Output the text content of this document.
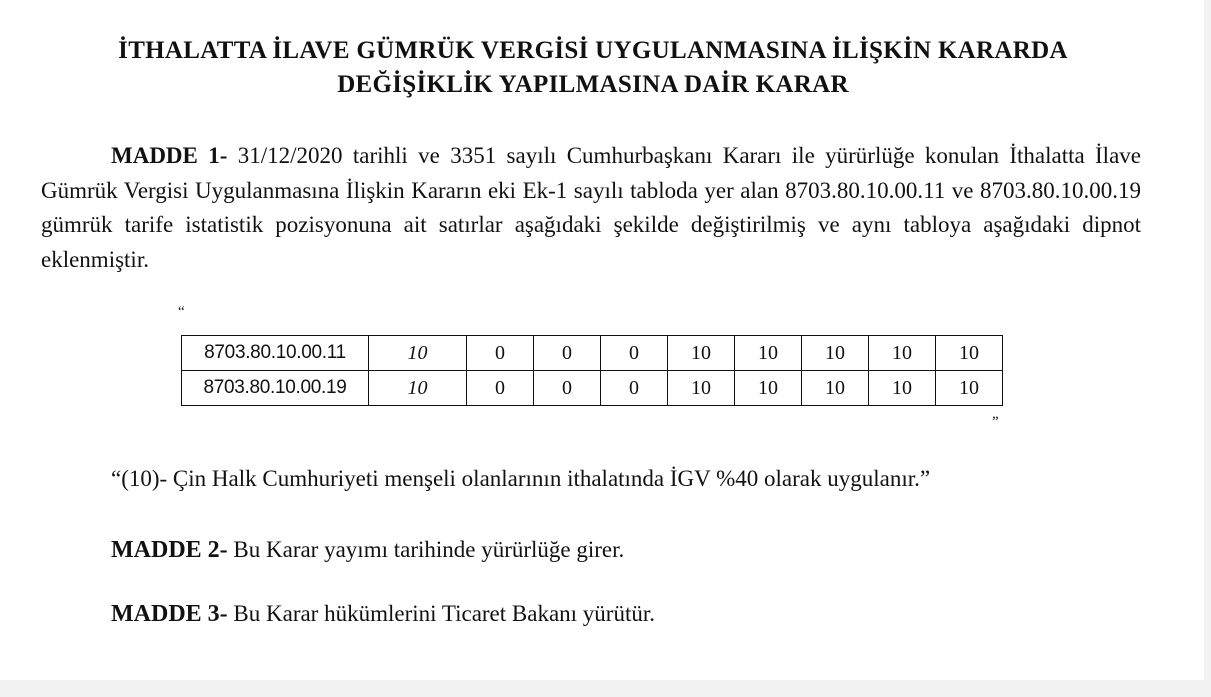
İTHALATTA İLAVE GÜMRÜK VERGİSİ UYGULANMASINA İLİŞKİN KARARDA
DEĞİŞİKLİK YAPILMASINA DAİR KARAR
MADDE 1- 31/12/2020 tarihli ve 3351 sayılı Cumhurbaşkanı Kararı ile yürürlüğe konulan İthalatta İlave Gümrük Vergisi Uygulanmasına İlişkin Kararın eki Ek-1 sayılı tabloda yer alan 8703.80.10.00.11 ve 8703.80.10.00.19 gümrük tarife istatistik pozisyonuna ait satırlar aşağıdaki şekilde değiştirilmiş ve aynı tabloya aşağıdaki dipnot eklenmiştir.
“
8703.80.10.00.11	10	0	0	0	10	10	10	10	10
8703.80.10.00.19	10	0	0	0	10	10	10	10	10
”
“(10)- Çin Halk Cumhuriyeti menşeli olanlarının ithalatında İGV %40 olarak uygulanır.”
MADDE 2- Bu Karar yayımı tarihinde yürürlüğe girer.
MADDE 3- Bu Karar hükümlerini Ticaret Bakanı yürütür.
